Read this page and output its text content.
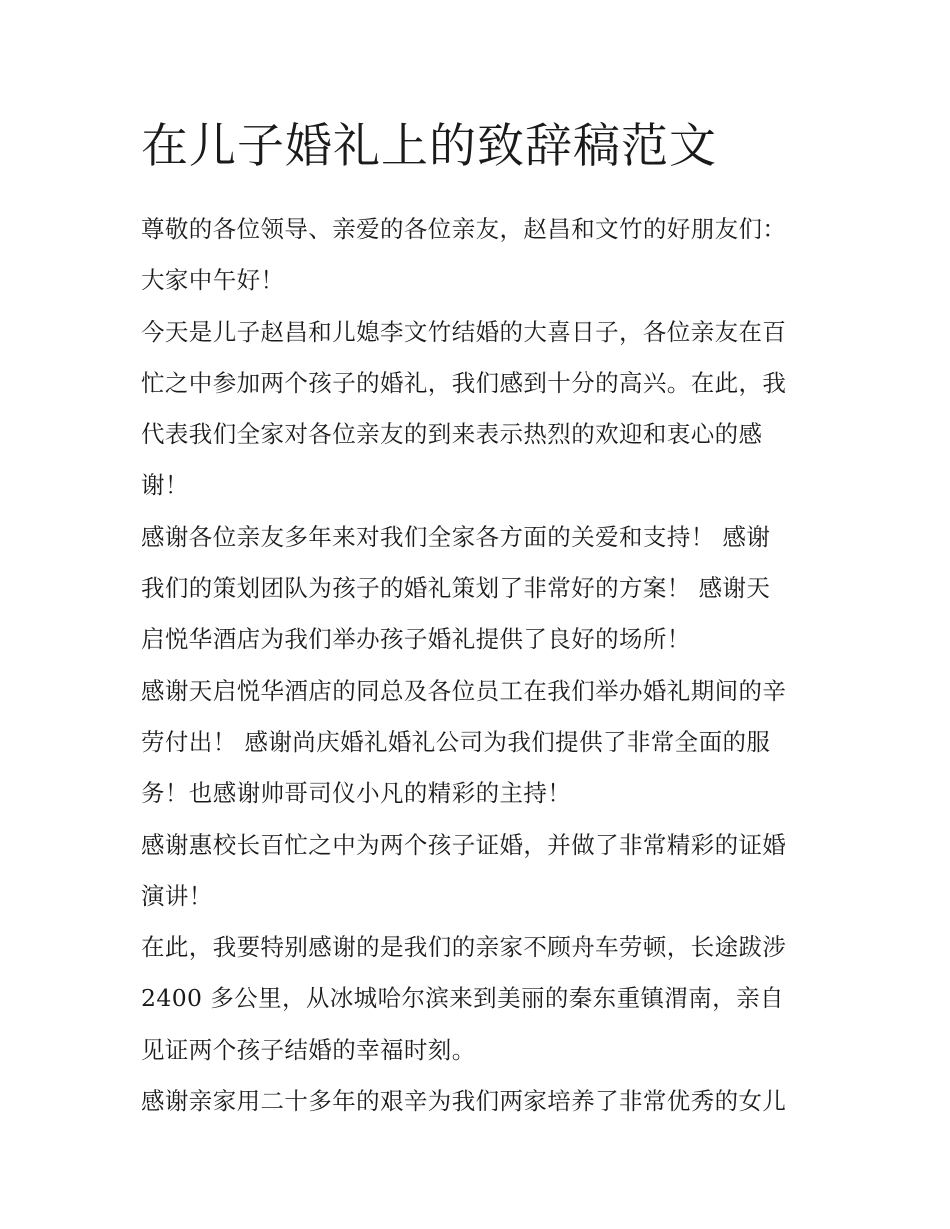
在儿子婚礼上的致辞稿范文
尊敬的各位领导、亲爱的各位亲友，赵昌和文竹的好朋友们：
大家中午好！
今天是儿子赵昌和儿媳李文竹结婚的大喜日子，各位亲友在百
忙之中参加两个孩子的婚礼，我们感到十分的高兴。在此，我
代表我们全家对各位亲友的到来表示热烈的欢迎和衷心的感
谢！
感谢各位亲友多年来对我们全家各方面的关爱和支持！ 感谢
我们的策划团队为孩子的婚礼策划了非常好的方案！ 感谢天
启悦华酒店为我们举办孩子婚礼提供了良好的场所！
感谢天启悦华酒店的同总及各位员工在我们举办婚礼期间的辛
劳付出！ 感谢尚庆婚礼婚礼公司为我们提供了非常全面的服
务！也感谢帅哥司仪小凡的精彩的主持！
感谢惠校长百忙之中为两个孩子证婚，并做了非常精彩的证婚
演讲！
在此，我要特别感谢的是我们的亲家不顾舟车劳顿，长途跋涉
2400 多公里，从冰城哈尔滨来到美丽的秦东重镇渭南，亲自
见证两个孩子结婚的幸福时刻。
感谢亲家用二十多年的艰辛为我们两家培养了非常优秀的女儿
